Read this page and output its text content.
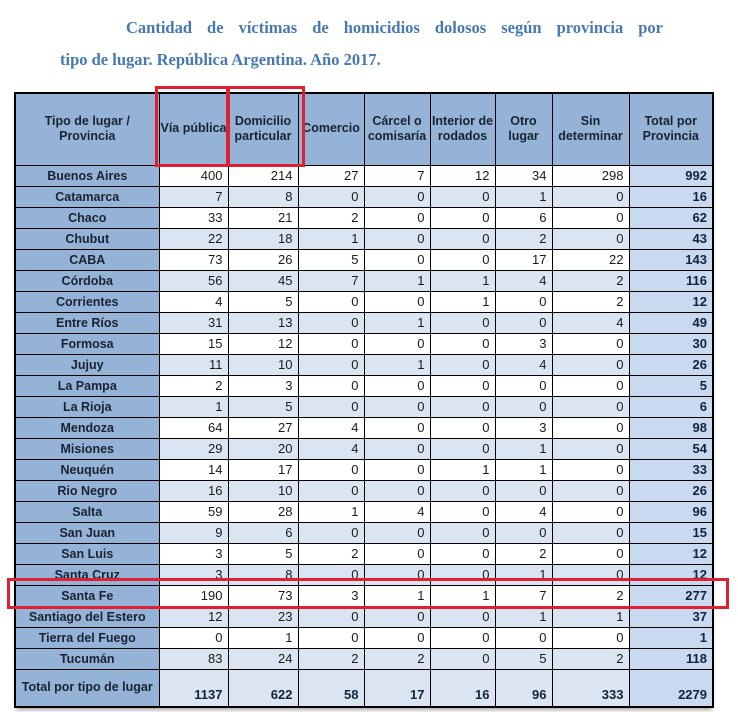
Cantidad de víctimas de homicidios dolosos según provincia por
tipo de lugar. República Argentina. Año 2017.
Tipo de lugar / Provincia	Vía pública	Domicilio particular	Comercio	Cárcel o comisaría	Interior de rodados	Otro lugar	Sin determinar	Total por Provincia
Buenos Aires	400	214	27	7	12	34	298	992
Catamarca	7	8	0	0	0	1	0	16
Chaco	33	21	2	0	0	6	0	62
Chubut	22	18	1	0	0	2	0	43
CABA	73	26	5	0	0	17	22	143
Córdoba	56	45	7	1	1	4	2	116
Corrientes	4	5	0	0	1	0	2	12
Entre Ríos	31	13	0	1	0	0	4	49
Formosa	15	12	0	0	0	3	0	30
Jujuy	11	10	0	1	0	4	0	26
La Pampa	2	3	0	0	0	0	0	5
La Rioja	1	5	0	0	0	0	0	6
Mendoza	64	27	4	0	0	3	0	98
Misiones	29	20	4	0	0	1	0	54
Neuquén	14	17	0	0	1	1	0	33
Rio Negro	16	10	0	0	0	0	0	26
Salta	59	28	1	4	0	4	0	96
San Juan	9	6	0	0	0	0	0	15
San Luis	3	5	2	0	0	2	0	12
Santa Cruz	3	8	0	0	0	1	0	12
Santa Fe	190	73	3	1	1	7	2	277
Santiago del Estero	12	23	0	0	0	1	1	37
Tierra del Fuego	0	1	0	0	0	0	0	1
Tucumán	83	24	2	2	0	5	2	118
Total por tipo de lugar	1137	622	58	17	16	96	333	2279
